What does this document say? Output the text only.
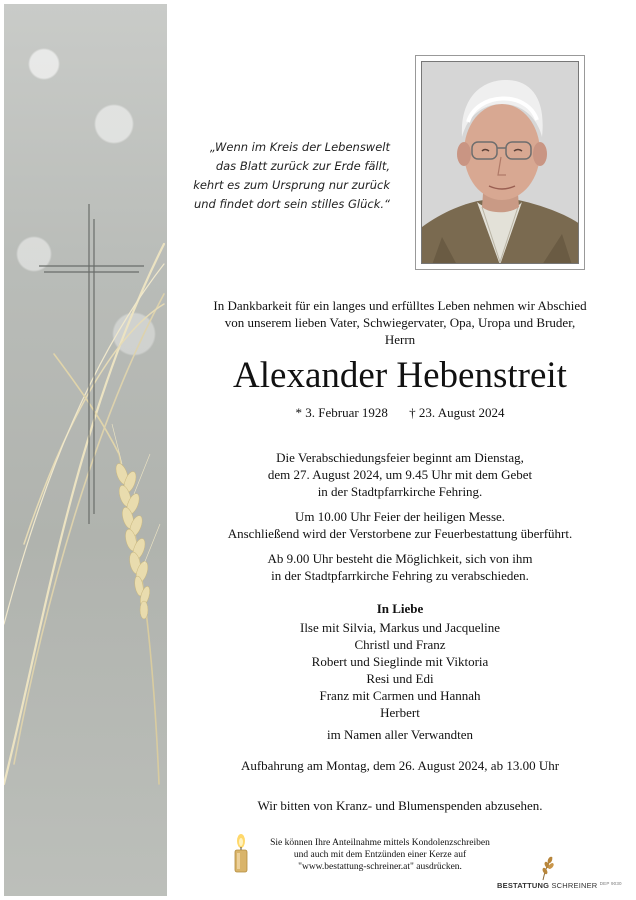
„Wenn im Kreis der Lebenswelt
das Blatt zurück zur Erde fällt,
kehrt es zum Ursprung nur zurück
und findet dort sein stilles Glück.“
In Dankbarkeit für ein langes und erfülltes Leben nehmen wir Abschied
von unserem lieben Vater, Schwiegervater, Opa, Uropa und Bruder,
Herrn
Alexander Hebenstreit
* 3. Februar 1928 † 23. August 2024
Die Verabschiedungsfeier beginnt am Dienstag,
dem 27. August 2024, um 9.45 Uhr mit dem Gebet
in der Stadtpfarrkirche Fehring.
Um 10.00 Uhr Feier der heiligen Messe.
Anschließend wird der Verstorbene zur Feuerbestattung überführt.
Ab 9.00 Uhr besteht die Möglichkeit, sich von ihm
in der Stadtpfarrkirche Fehring zu verabschieden.
In Liebe
Ilse mit Silvia, Markus und Jacqueline
Christl und Franz
Robert und Sieglinde mit Viktoria
Resi und Edi
Franz mit Carmen und Hannah
Herbert
im Namen aller Verwandten
Aufbahrung am Montag, dem 26. August 2024, ab 13.00 Uhr
Wir bitten von Kranz- und Blumenspenden abzusehen.
Sie können Ihre Anteilnahme mittels Kondolenzschreiben
und auch mit dem Entzünden einer Kerze auf
"www.bestattung-schreiner.at" ausdrücken.
BESTATTUNG SCHREINER $^{DEP 9030}$
